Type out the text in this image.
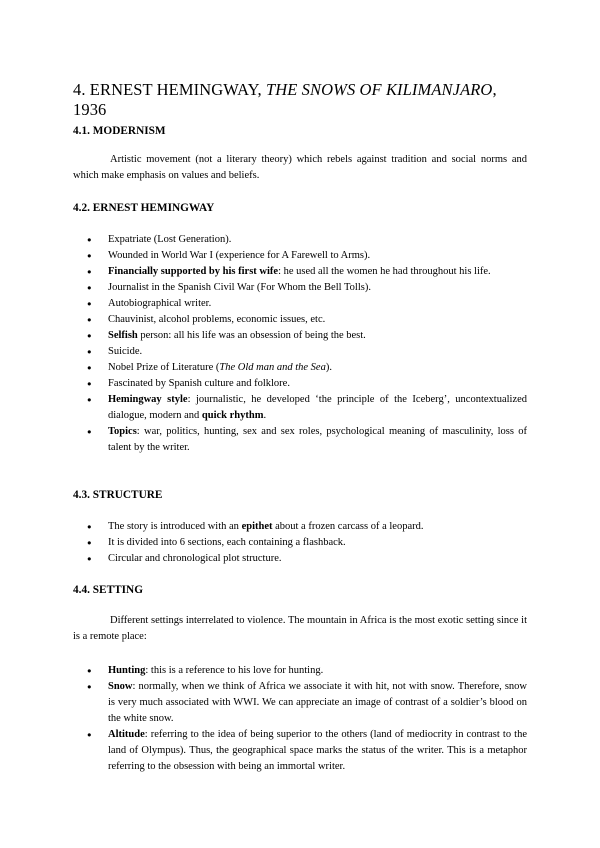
4. ERNEST HEMINGWAY, THE SNOWS OF KILIMANJARO, 1936
4.1. MODERNISM

Artistic movement (not a literary theory) which rebels against tradition and social norms and which make emphasis on values and beliefs.

4.2. ERNEST HEMINGWAY
● Expatriate (Lost Generation).
● Wounded in World War I (experience for A Farewell to Arms).
● Financially supported by his first wife: he used all the women he had throughout his life.
● Journalist in the Spanish Civil War (For Whom the Bell Tolls).
● Autobiographical writer.
● Chauvinist, alcohol problems, economic issues, etc.
● Selfish person: all his life was an obsession of being the best.
● Suicide.
● Nobel Prize of Literature (The Old man and the Sea).
● Fascinated by Spanish culture and folklore.
● Hemingway style: journalistic, he developed ‘the principle of the Iceberg’, uncontextualized dialogue, modern and quick rhythm.
● Topics: war, politics, hunting, sex and sex roles, psychological meaning of masculinity, loss of talent by the writer.
4.3. STRUCTURE
● The story is introduced with an epithet about a frozen carcass of a leopard.
● It is divided into 6 sections, each containing a flashback.
● Circular and chronological plot structure.
4.4. SETTING

Different settings interrelated to violence. The mountain in Africa is the most exotic setting since it is a remote place:

● Hunting: this is a reference to his love for hunting.
● Snow: normally, when we think of Africa we associate it with hit, not with snow. Therefore, snow is very much associated with WWI. We can appreciate an image of contrast of a soldier’s blood on the white snow.
● Altitude: referring to the idea of being superior to the others (land of mediocrity in contrast to the land of Olympus). Thus, the geographical space marks the status of the writer. This is a metaphor referring to the obsession with being an immortal writer.
